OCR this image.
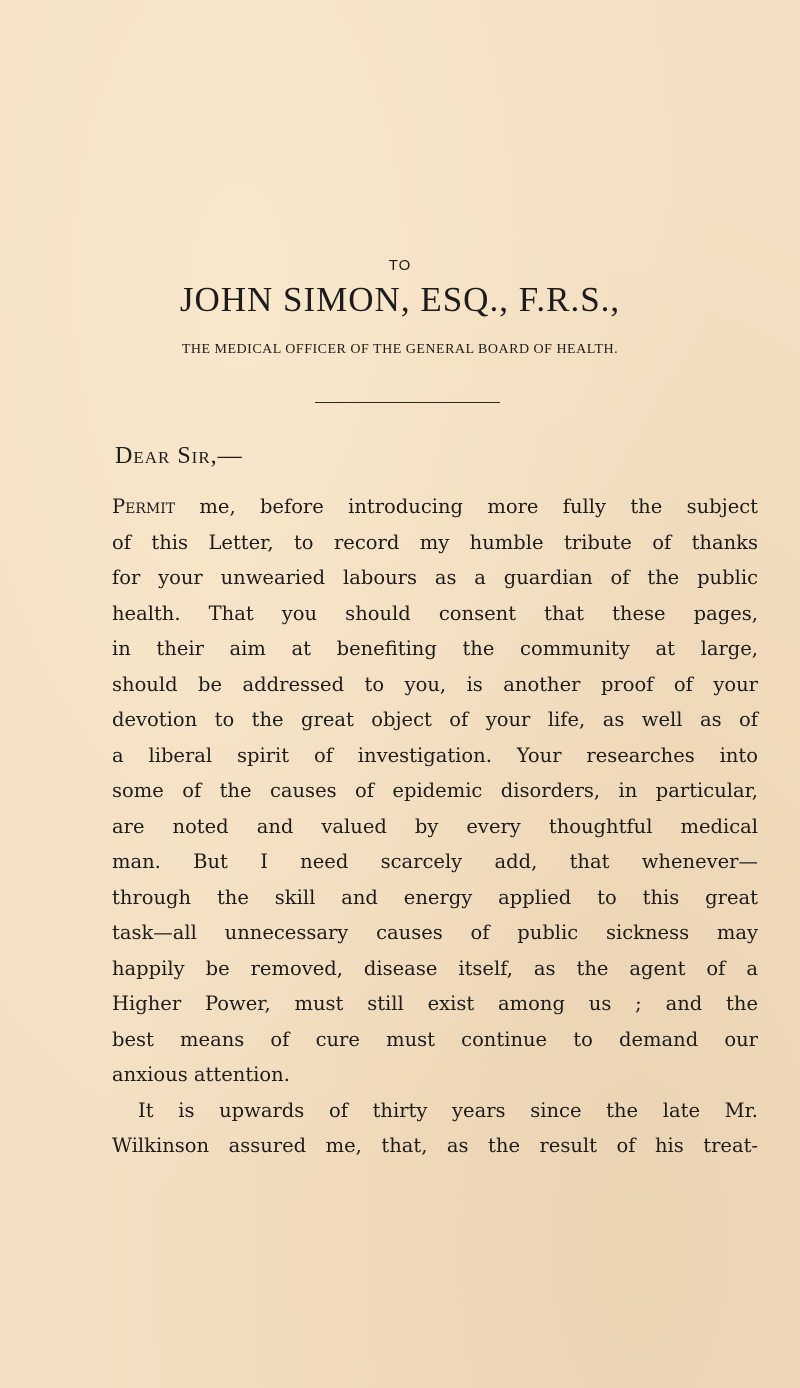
TO
JOHN SIMON, ESQ., F.R.S.,
THE MEDICAL OFFICER OF THE GENERAL BOARD OF HEALTH.
Dear Sir,—
Permit me, before introducing more fully the subject
of this Letter, to record my humble tribute of thanks
for your unwearied labours as a guardian of the public
health. That you should consent that these pages,
in their aim at benefiting the community at large,
should be addressed to you, is another proof of your
devotion to the great object of your life, as well as of
a liberal spirit of investigation. Your researches into
some of the causes of epidemic disorders, in particular,
are noted and valued by every thoughtful medical
man. But I need scarcely add, that whenever—
through the skill and energy applied to this great
task—all unnecessary causes of public sickness may
happily be removed, disease itself, as the agent of a
Higher Power, must still exist among us ; and the
best means of cure must continue to demand our
anxious attention.
It is upwards of thirty years since the late Mr.
Wilkinson assured me, that, as the result of his treat-
